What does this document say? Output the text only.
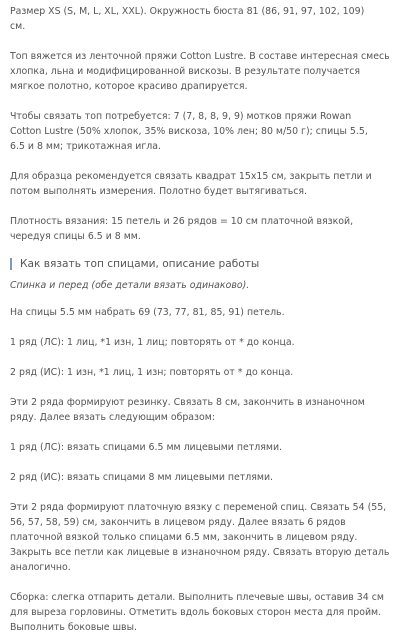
Размер XS (S, M, L, XL, XXL). Окружность бюста 81 (86, 91, 97, 102, 109)
см.

Топ вяжется из ленточной пряжи Cotton Lustre. В составе интересная смесь
хлопка, льна и модифицированной вискозы. В результате получается
мягкое полотно, которое красиво драпируется.

Чтобы связать топ потребуется: 7 (7, 8, 8, 9, 9) мотков пряжи Rowan
Cotton Lustre (50% хлопок, 35% вискоза, 10% лен; 80 м/50 г); спицы 5.5,
6.5 и 8 мм; трикотажная игла.

Для образца рекомендуется связать квадрат 15х15 см, закрыть петли и
потом выполнять измерения. Полотно будет вытягиваться.

Плотность вязания: 15 петель и 26 рядов = 10 см платочной вязкой,
чередуя спицы 6.5 и 8 мм.

Как вязать топ спицами, описание работы

Спинка и перед (обе детали вязать одинаково).

На спицы 5.5 мм набрать 69 (73, 77, 81, 85, 91) петель.

1 ряд (ЛС): 1 лиц, *1 изн, 1 лиц; повторять от * до конца.

2 ряд (ИС): 1 изн, *1 лиц, 1 изн; повторять от * до конца.

Эти 2 ряда формируют резинку. Связать 8 см, закончить в изнаночном
ряду. Далее вязать следующим образом:

1 ряд (ЛС): вязать спицами 6.5 мм лицевыми петлями.

2 ряд (ИС): вязать спицами 8 мм лицевыми петлями.

Эти 2 ряда формируют платочную вязку с переменой спиц. Связать 54 (55,
56, 57, 58, 59) см, закончить в лицевом ряду. Далее вязать 6 рядов
платочной вязкой только спицами 6.5 мм, закончить в лицевом ряду.
Закрыть все петли как лицевые в изнаночном ряду. Связать вторую деталь
аналогично.

Сборка: слегка отпарить детали. Выполнить плечевые швы, оставив 34 см
для выреза горловины. Отметить вдоль боковых сторон места для пройм.
Выполнить боковые швы.
